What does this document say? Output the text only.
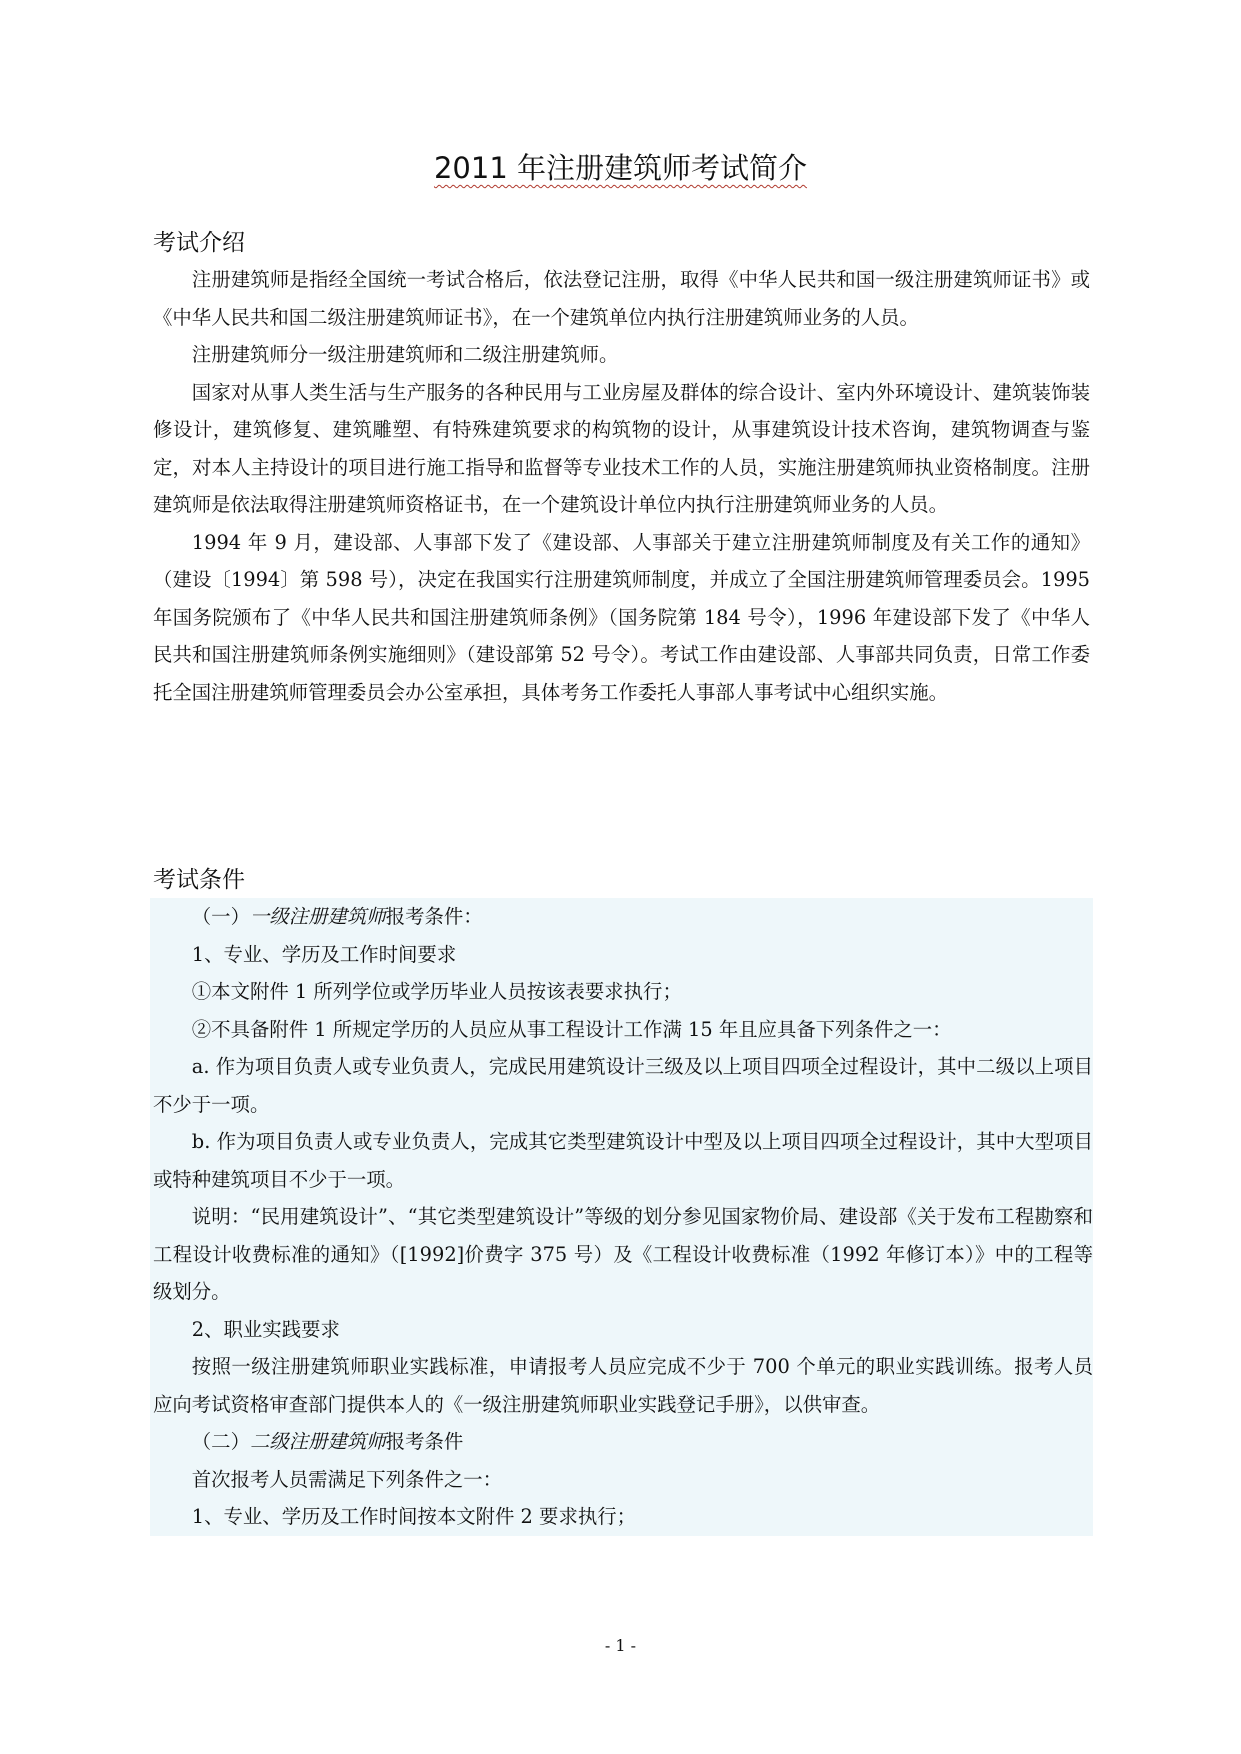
2011 年注册建筑师考试简介

考试介绍

注册建筑师是指经全国统一考试合格后，依法登记注册，取得《中华人民共和国一级注册建筑师证书》或《中华人民共和国二级注册建筑师证书》，在一个建筑单位内执行注册建筑师业务的人员。

注册建筑师分一级注册建筑师和二级注册建筑师。

国家对从事人类生活与生产服务的各种民用与工业房屋及群体的综合设计、室内外环境设计、建筑装饰装修设计，建筑修复、建筑雕塑、有特殊建筑要求的构筑物的设计，从事建筑设计技术咨询，建筑物调查与鉴定，对本人主持设计的项目进行施工指导和监督等专业技术工作的人员，实施注册建筑师执业资格制度。注册建筑师是依法取得注册建筑师资格证书，在一个建筑设计单位内执行注册建筑师业务的人员。

1994 年 9 月，建设部、人事部下发了《建设部、人事部关于建立注册建筑师制度及有关工作的通知》（建设〔1994〕第 598 号），决定在我国实行注册建筑师制度，并成立了全国注册建筑师管理委员会。1995 年国务院颁布了《中华人民共和国注册建筑师条例》（国务院第 184 号令），1996 年建设部下发了《中华人民共和国注册建筑师条例实施细则》（建设部第 52 号令）。考试工作由建设部、人事部共同负责，日常工作委托全国注册建筑师管理委员会办公室承担，具体考务工作委托人事部人事考试中心组织实施。

考试条件

（一）一级注册建筑师报考条件：

1、专业、学历及工作时间要求

①本文附件 1 所列学位或学历毕业人员按该表要求执行；

②不具备附件 1 所规定学历的人员应从事工程设计工作满 15 年且应具备下列条件之一：

a. 作为项目负责人或专业负责人，完成民用建筑设计三级及以上项目四项全过程设计，其中二级以上项目不少于一项。

b. 作为项目负责人或专业负责人，完成其它类型建筑设计中型及以上项目四项全过程设计，其中大型项目或特种建筑项目不少于一项。

说明：“民用建筑设计”、“其它类型建筑设计”等级的划分参见国家物价局、建设部《关于发布工程勘察和工程设计收费标准的通知》（[1992]价费字 375 号）及《工程设计收费标准（1992 年修订本）》中的工程等级划分。

2、职业实践要求

按照一级注册建筑师职业实践标准，申请报考人员应完成不少于 700 个单元的职业实践训练。报考人员应向考试资格审查部门提供本人的《一级注册建筑师职业实践登记手册》，以供审查。

（二）二级注册建筑师报考条件

首次报考人员需满足下列条件之一：

1、专业、学历及工作时间按本文附件 2 要求执行；

- 1 -
